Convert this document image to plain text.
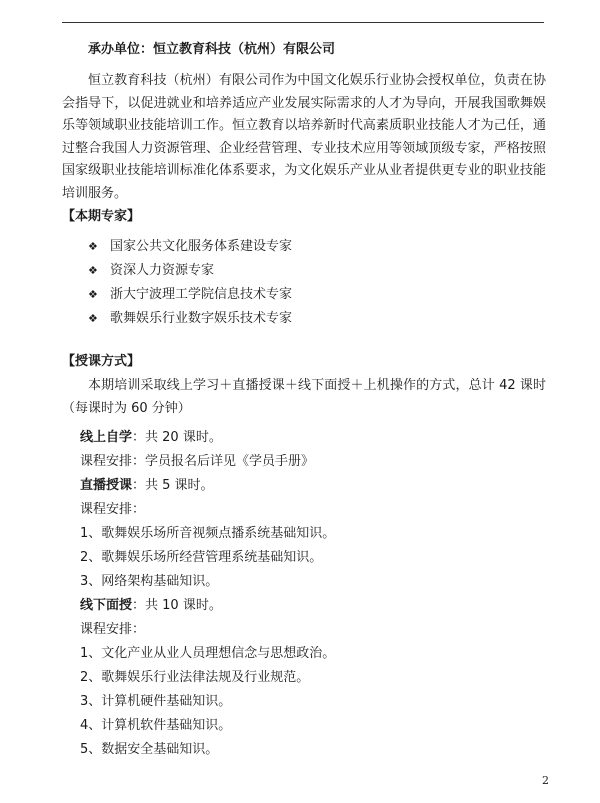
承办单位：恒立教育科技（杭州）有限公司
恒立教育科技（杭州）有限公司作为中国文化娱乐行业协会授权单位，负责在协会指导下，以促进就业和培养适应产业发展实际需求的人才为导向，开展我国歌舞娱乐等领域职业技能培训工作。恒立教育以培养新时代高素质职业技能人才为己任，通过整合我国人力资源管理、企业经营管理、专业技术应用等领域顶级专家，严格按照国家级职业技能培训标准化体系要求，为文化娱乐产业从业者提供更专业的职业技能培训服务。
【本期专家】
❖ 国家公共文化服务体系建设专家
❖ 资深人力资源专家
❖ 浙大宁波理工学院信息技术专家
❖ 歌舞娱乐行业数字娱乐技术专家
【授课方式】
本期培训采取线上学习＋直播授课＋线下面授＋上机操作的方式，总计 42 课时（每课时为 60 分钟）
线上自学：共 20 课时。
课程安排：学员报名后详见《学员手册》
直播授课：共 5 课时。
课程安排：
1、歌舞娱乐场所音视频点播系统基础知识。
2、歌舞娱乐场所经营管理系统基础知识。
3、网络架构基础知识。
线下面授：共 10 课时。
课程安排：
1、文化产业从业人员理想信念与思想政治。
2、歌舞娱乐行业法律法规及行业规范。
3、计算机硬件基础知识。
4、计算机软件基础知识。
5、数据安全基础知识。
2
